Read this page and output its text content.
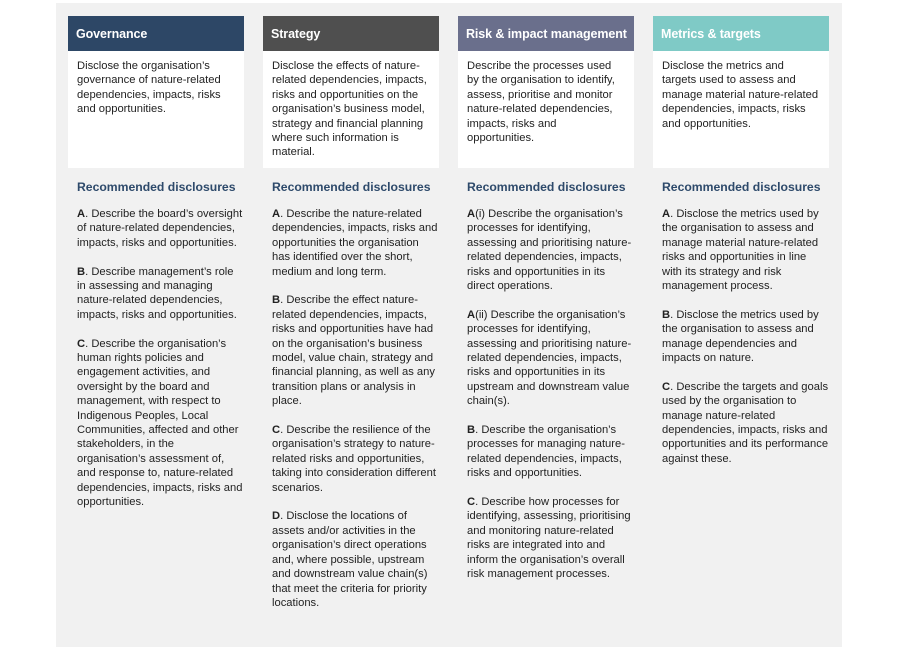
Governance
Disclose the organisation’s governance of nature-related dependencies, impacts, risks and opportunities.
Recommended disclosures
A. Describe the board’s oversight of nature-related dependencies, impacts, risks and opportunities.
B. Describe management’s role in assessing and managing nature-related dependencies, impacts, risks and opportunities.
C. Describe the organisation’s human rights policies and engagement activities, and oversight by the board and management, with respect to Indigenous Peoples, Local Communities, affected and other stakeholders, in the organisation’s assessment of, and response to, nature-related dependencies, impacts, risks and opportunities.
Strategy
Disclose the effects of nature-related dependencies, impacts, risks and opportunities on the organisation’s business model, strategy and financial planning where such information is material.
Recommended disclosures
A. Describe the nature-related dependencies, impacts, risks and opportunities the organisation has identified over the short, medium and long term.
B. Describe the effect nature-related dependencies, impacts, risks and opportunities have had on the organisation’s business model, value chain, strategy and financial planning, as well as any transition plans or analysis in place.
C. Describe the resilience of the organisation’s strategy to nature-related risks and opportunities, taking into consideration different scenarios.
D. Disclose the locations of assets and/or activities in the organisation’s direct operations and, where possible, upstream and downstream value chain(s) that meet the criteria for priority locations.
Risk & impact management
Describe the processes used by the organisation to identify, assess, prioritise and monitor nature-related dependencies, impacts, risks and opportunities.
Recommended disclosures
A(i) Describe the organisation’s processes for identifying, assessing and prioritising nature-related dependencies, impacts, risks and opportunities in its direct operations.
A(ii) Describe the organisation’s processes for identifying, assessing and prioritising nature-related dependencies, impacts, risks and opportunities in its upstream and downstream value chain(s).
B. Describe the organisation’s processes for managing nature-related dependencies, impacts, risks and opportunities.
C. Describe how processes for identifying, assessing, prioritising and monitoring nature-related risks are integrated into and inform the organisation’s overall risk management processes.
Metrics & targets
Disclose the metrics and targets used to assess and manage material nature-related dependencies, impacts, risks and opportunities.
Recommended disclosures
A. Disclose the metrics used by the organisation to assess and manage material nature-related risks and opportunities in line with its strategy and risk management process.
B. Disclose the metrics used by the organisation to assess and manage dependencies and impacts on nature.
C. Describe the targets and goals used by the organisation to manage nature-related dependencies, impacts, risks and opportunities and its performance against these.
